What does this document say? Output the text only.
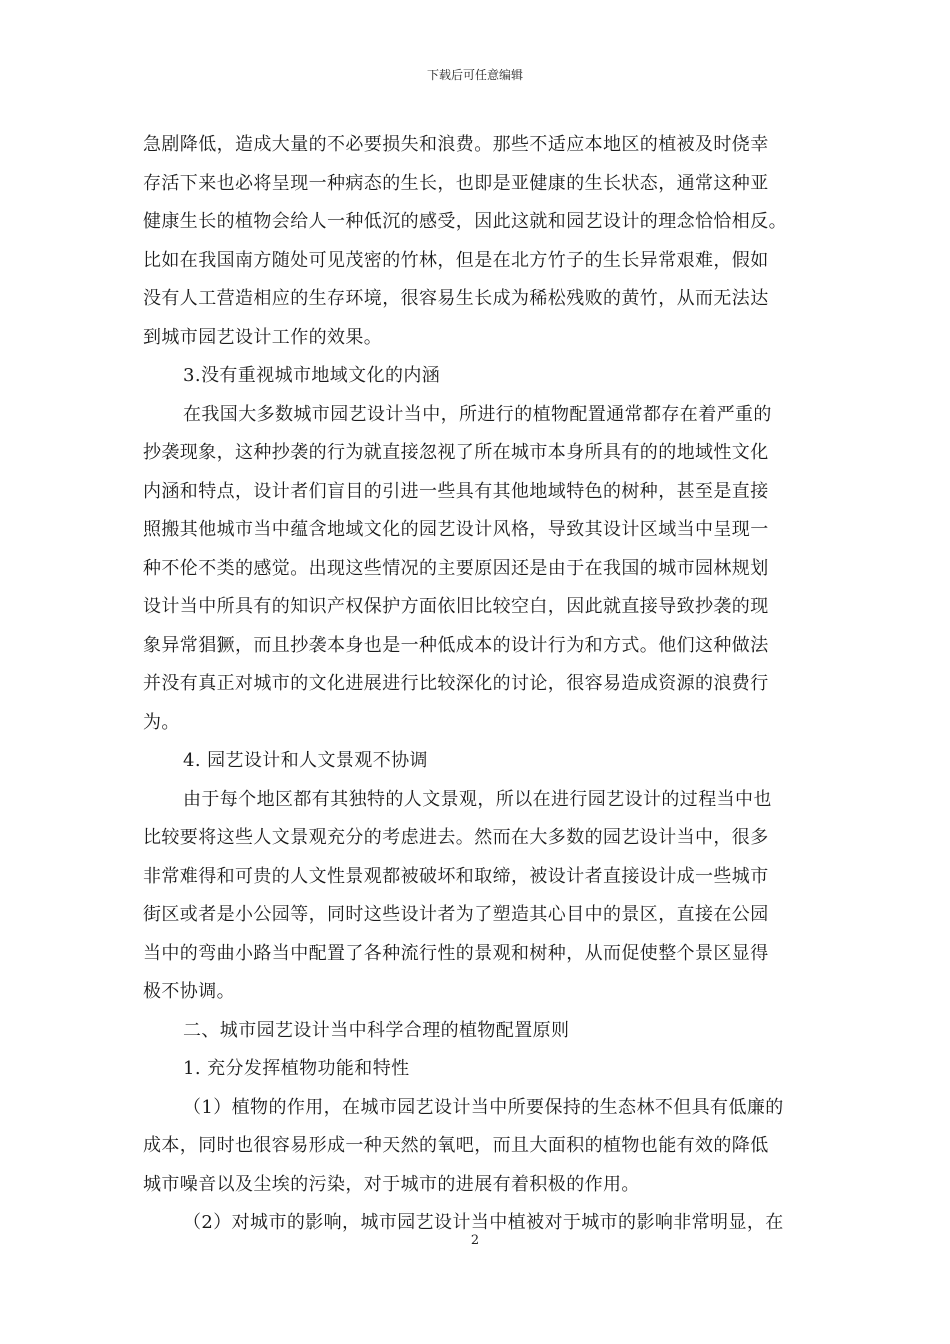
下载后可任意编辑

急剧降低，造成大量的不必要损失和浪费。那些不适应本地区的植被及时侥幸
存活下来也必将呈现一种病态的生长，也即是亚健康的生长状态，通常这种亚
健康生长的植物会给人一种低沉的感受，因此这就和园艺设计的理念恰恰相反。
比如在我国南方随处可见茂密的竹林，但是在北方竹子的生长异常艰难，假如
没有人工营造相应的生存环境，很容易生长成为稀松残败的黄竹，从而无法达
到城市园艺设计工作的效果。

3.没有重视城市地域文化的内涵

在我国大多数城市园艺设计当中，所进行的植物配置通常都存在着严重的

抄袭现象，这种抄袭的行为就直接忽视了所在城市本身所具有的的地域性文化
内涵和特点，设计者们盲目的引进一些具有其他地域特色的树种，甚至是直接
照搬其他城市当中蕴含地域文化的园艺设计风格，导致其设计区域当中呈现一
种不伦不类的感觉。出现这些情况的主要原因还是由于在我国的城市园林规划
设计当中所具有的知识产权保护方面依旧比较空白，因此就直接导致抄袭的现
象异常猖獗，而且抄袭本身也是一种低成本的设计行为和方式。他们这种做法
并没有真正对城市的文化进展进行比较深化的讨论，很容易造成资源的浪费行
为。

4. 园艺设计和人文景观不协调

由于每个地区都有其独特的人文景观，所以在进行园艺设计的过程当中也

比较要将这些人文景观充分的考虑进去。然而在大多数的园艺设计当中，很多
非常难得和可贵的人文性景观都被破坏和取缔，被设计者直接设计成一些城市
街区或者是小公园等，同时这些设计者为了塑造其心目中的景区，直接在公园
当中的弯曲小路当中配置了各种流行性的景观和树种，从而促使整个景区显得
极不协调。

二、城市园艺设计当中科学合理的植物配置原则

1. 充分发挥植物功能和特性

（1）植物的作用，在城市园艺设计当中所要保持的生态林不但具有低廉的

成本，同时也很容易形成一种天然的氧吧，而且大面积的植物也能有效的降低
城市噪音以及尘埃的污染，对于城市的进展有着积极的作用。

（2）对城市的影响，城市园艺设计当中植被对于城市的影响非常明显，在

2
